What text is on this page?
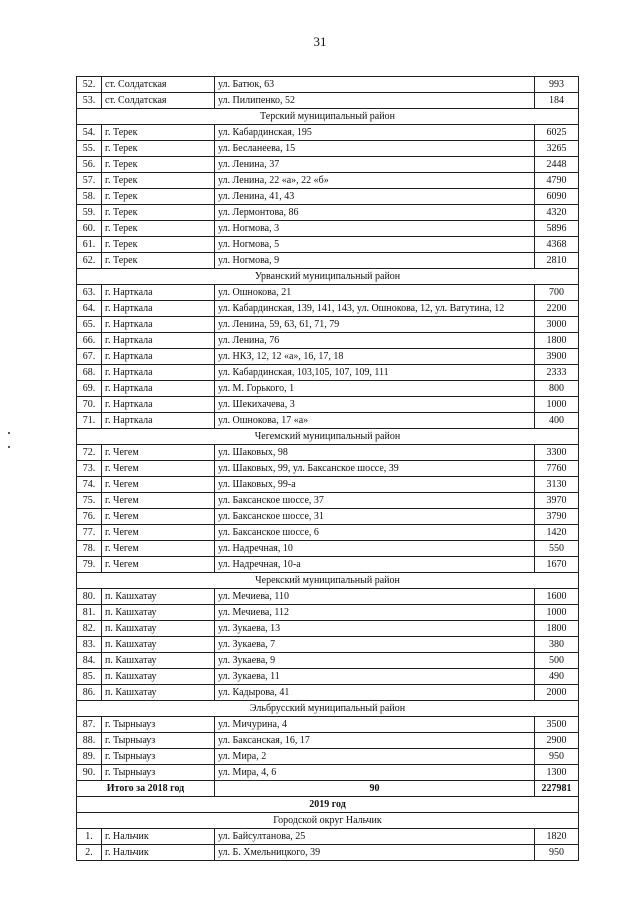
31
52.	ст. Солдатская	ул. Батюк, 63	993
53.	ст. Солдатская	ул. Пилипенко, 52	184
Терский муниципальный район			
54.	г. Терек	ул. Кабардинская, 195	6025
55.	г. Терек	ул. Бесланеева, 15	3265
56.	г. Терек	ул. Ленина, 37	2448
57.	г. Терек	ул. Ленина, 22 «а», 22 «б»	4790
58.	г. Терек	ул. Ленина, 41, 43	6090
59.	г. Терек	ул. Лермонтова, 86	4320
60.	г. Терек	ул. Ногмова, 3	5896
61.	г. Терек	ул. Ногмова, 5	4368
62.	г. Терек	ул. Ногмова, 9	2810
Урванский муниципальный район			
63.	г. Нарткала	ул. Ошнокова, 21	700
64.	г. Нарткала	ул. Кабардинская, 139, 141, 143, ул. Ошнокова, 12, ул. Ватутина, 12	2200
65.	г. Нарткала	ул. Ленина, 59, 63, 61, 71, 79	3000
66.	г. Нарткала	ул. Ленина, 76	1800
67.	г. Нарткала	ул. НКЗ, 12, 12 «а», 16, 17, 18	3900
68.	г. Нарткала	ул. Кабардинская, 103,105, 107, 109, 111	2333
69.	г. Нарткала	ул. М. Горького, 1	800
70.	г. Нарткала	ул. Шекихачева, 3	1000
71.	г. Нарткала	ул. Ошнокова, 17 «а»	400
Чегемский муниципальный район			
72.	г. Чегем	ул. Шаковых, 98	3300
73.	г. Чегем	ул. Шаковых, 99, ул. Баксанское шоссе, 39	7760
74.	г. Чегем	ул. Шаковых, 99-а	3130
75.	г. Чегем	ул. Баксанское шоссе, 37	3970
76.	г. Чегем	ул. Баксанское шоссе, 31	3790
77.	г. Чегем	ул. Баксанское шоссе, 6	1420
78.	г. Чегем	ул. Надречная, 10	550
79.	г. Чегем	ул. Надречная, 10-а	1670
Черекский муниципальный район			
80.	п. Кашхатау	ул. Мечиева, 110	1600
81.	п. Кашхатау	ул. Мечиева, 112	1000
82.	п. Кашхатау	ул. Зукаева, 13	1800
83.	п. Кашхатау	ул. Зукаева, 7	380
84.	п. Кашхатау	ул. Зукаева, 9	500
85.	п. Кашхатау	ул. Зукаева, 11	490
86.	п. Кашхатау	ул. Кадырова, 41	2000
Эльбрусский муниципальный район			
87.	г. Тырныауз	ул. Мичурина, 4	3500
88.	г. Тырныауз	ул. Баксанская, 16, 17	2900
89.	г. Тырныауз	ул. Мира, 2	950
90.	г. Тырныауз	ул. Мира, 4, 6	1300
Итого за 2018 год		90	227981
2019 год			
Городской округ Нальчик			
1.	г. Нальчик	ул. Байсултанова, 25	1820
2.	г. Нальчик	ул. Б. Хмельницкого, 39	950
